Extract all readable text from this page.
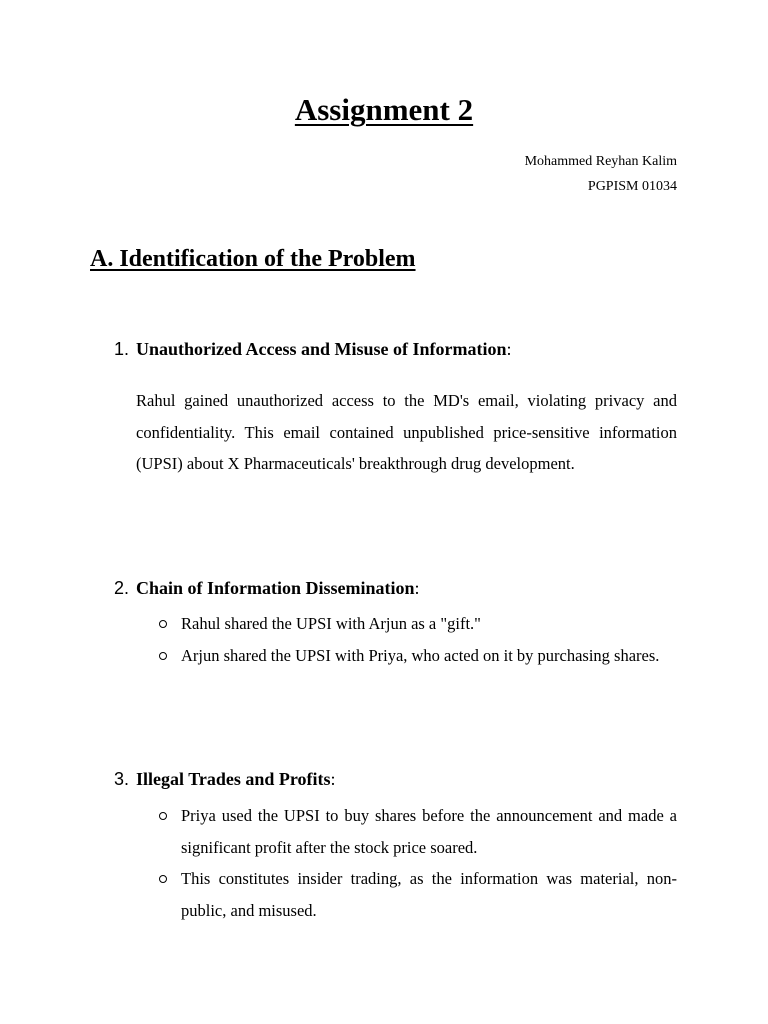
Assignment 2
Mohammed Reyhan Kalim
PGPISM 01034
A. Identification of the Problem
1. Unauthorized Access and Misuse of Information:
Rahul gained unauthorized access to the MD's email, violating privacy and confidentiality. This email contained unpublished price-sensitive information (UPSI) about X Pharmaceuticals' breakthrough drug development.
2. Chain of Information Dissemination:
Rahul shared the UPSI with Arjun as a "gift."
Arjun shared the UPSI with Priya, who acted on it by purchasing shares.
3. Illegal Trades and Profits:
Priya used the UPSI to buy shares before the announcement and made a significant profit after the stock price soared.
This constitutes insider trading, as the information was material, non-public, and misused.
